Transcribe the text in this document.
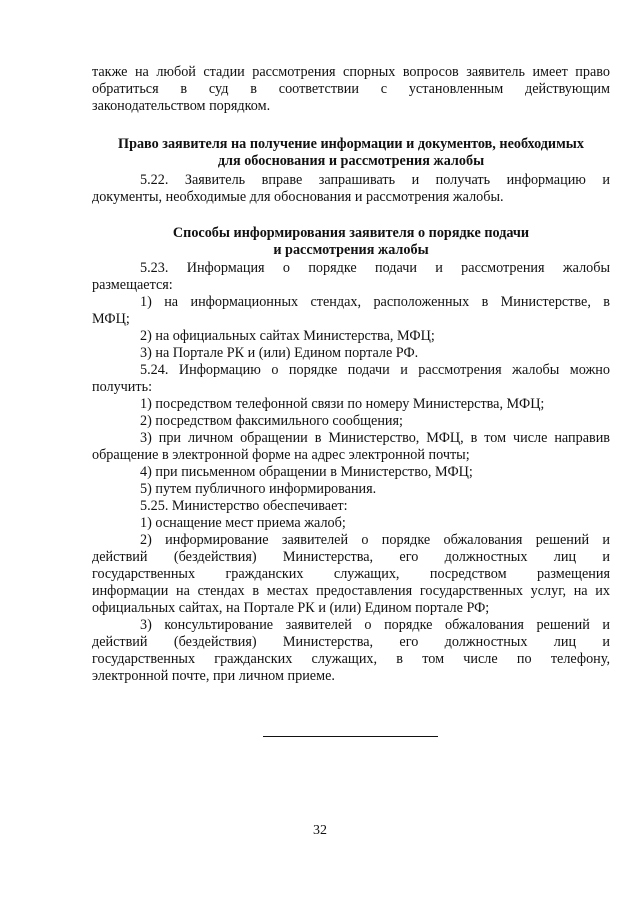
также на любой стадии рассмотрения спорных вопросов заявитель имеет право
обратиться в суд в соответствии с установленным действующим
законодательством порядком.
Право заявителя на получение информации и документов, необходимых
для обоснования и рассмотрения жалобы
5.22. Заявитель вправе запрашивать и получать информацию и
документы, необходимые для обоснования и рассмотрения жалобы.
Способы информирования заявителя о порядке подачи
и рассмотрения жалобы
5.23. Информация о порядке подачи и рассмотрения жалобы
размещается:
1) на информационных стендах, расположенных в Министерстве, в
МФЦ;
2) на официальных сайтах Министерства, МФЦ;
3) на Портале РК и (или) Едином портале РФ.
5.24. Информацию о порядке подачи и рассмотрения жалобы можно
получить:
1) посредством телефонной связи по номеру Министерства, МФЦ;
2) посредством факсимильного сообщения;
3) при личном обращении в Министерство, МФЦ, в том числе направив
обращение в электронной форме на адрес электронной почты;
4) при письменном обращении в Министерство, МФЦ;
5) путем публичного информирования.
5.25. Министерство обеспечивает:
1) оснащение мест приема жалоб;
2) информирование заявителей о порядке обжалования решений и
действий (бездействия) Министерства, его должностных лиц и
государственных гражданских служащих, посредством размещения
информации на стендах в местах предоставления государственных услуг, на их
официальных сайтах, на Портале РК и (или) Едином портале РФ;
3) консультирование заявителей о порядке обжалования решений и
действий (бездействия) Министерства, его должностных лиц и
государственных гражданских служащих, в том числе по телефону,
электронной почте, при личном приеме.
32
